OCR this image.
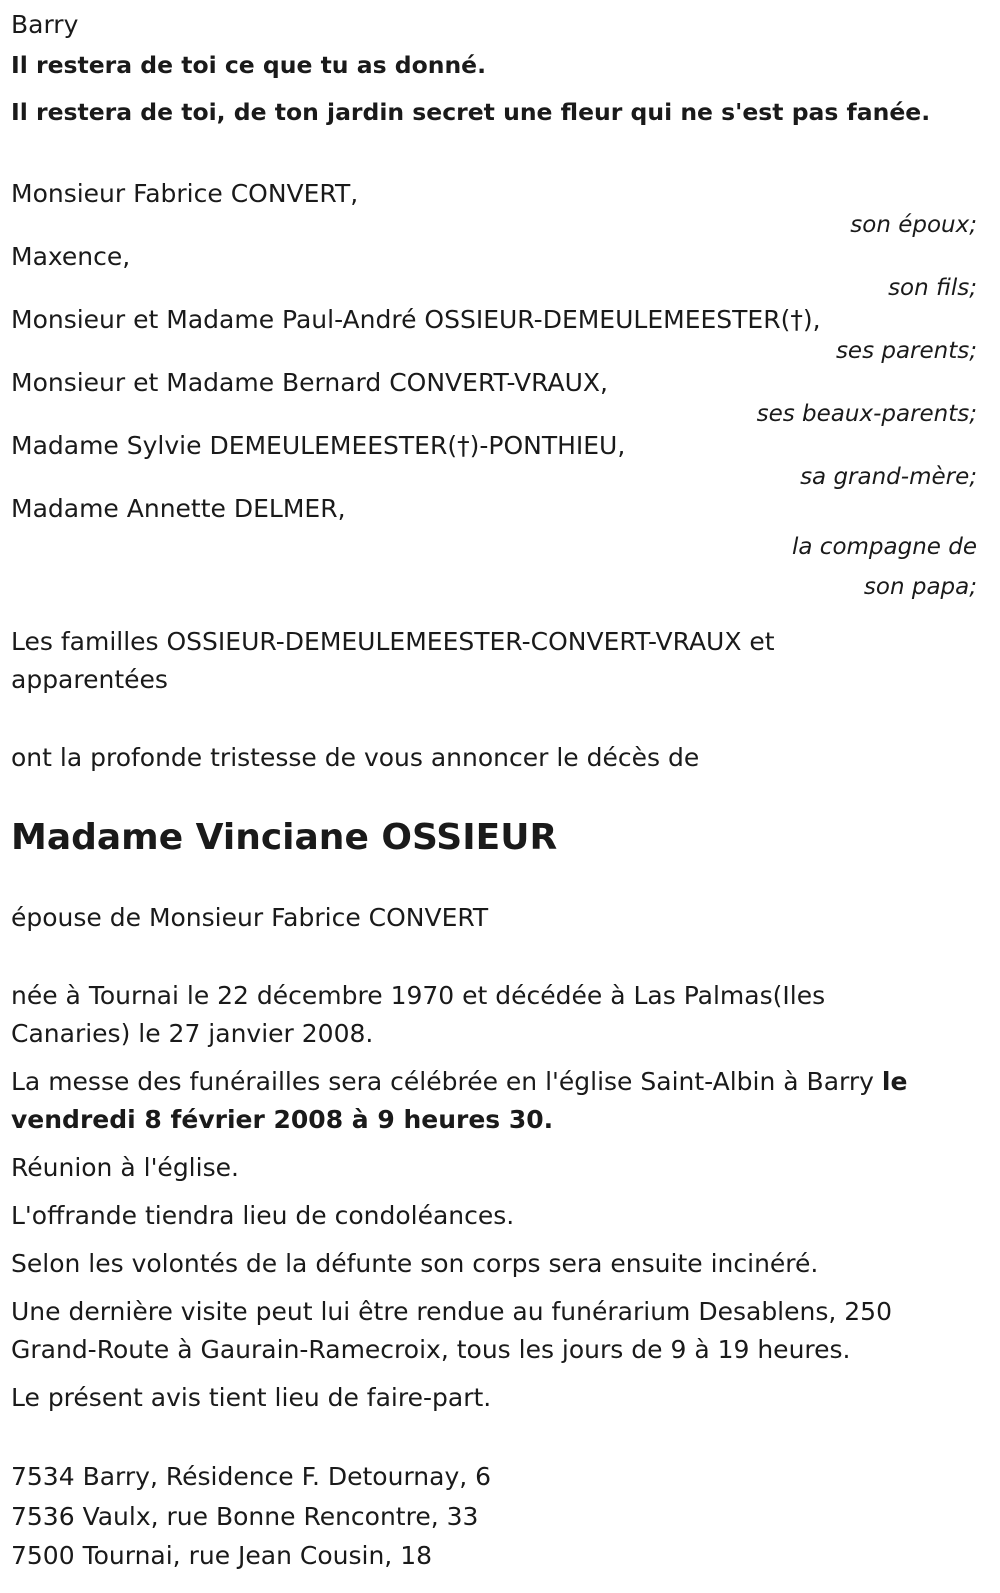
Barry
Il restera de toi ce que tu as donné.
Il restera de toi, de ton jardin secret une fleur qui ne s'est pas fanée.
Monsieur Fabrice CONVERT,
son époux;
Maxence,
son fils;
Monsieur et Madame Paul-André OSSIEUR-DEMEULEMEESTER(†),
ses parents;
Monsieur et Madame Bernard CONVERT-VRAUX,
ses beaux-parents;
Madame Sylvie DEMEULEMEESTER(†)-PONTHIEU,
sa grand-mère;
Madame Annette DELMER,
la compagne de
son papa;
Les familles OSSIEUR-DEMEULEMEESTER-CONVERT-VRAUX et
apparentées
ont la profonde tristesse de vous annoncer le décès de
Madame Vinciane OSSIEUR
épouse de Monsieur Fabrice CONVERT
née à Tournai le 22 décembre 1970 et décédée à Las Palmas(Iles
Canaries) le 27 janvier 2008.
La messe des funérailles sera célébrée en l'église Saint-Albin à Barry le
vendredi 8 février 2008 à 9 heures 30.
Réunion à l'église.
L'offrande tiendra lieu de condoléances.
Selon les volontés de la défunte son corps sera ensuite incinéré.
Une dernière visite peut lui être rendue au funérarium Desablens, 250
Grand-Route à Gaurain-Ramecroix, tous les jours de 9 à 19 heures.
Le présent avis tient lieu de faire-part.
7534 Barry, Résidence F. Detournay, 6
7536 Vaulx, rue Bonne Rencontre, 33
7500 Tournai, rue Jean Cousin, 18
